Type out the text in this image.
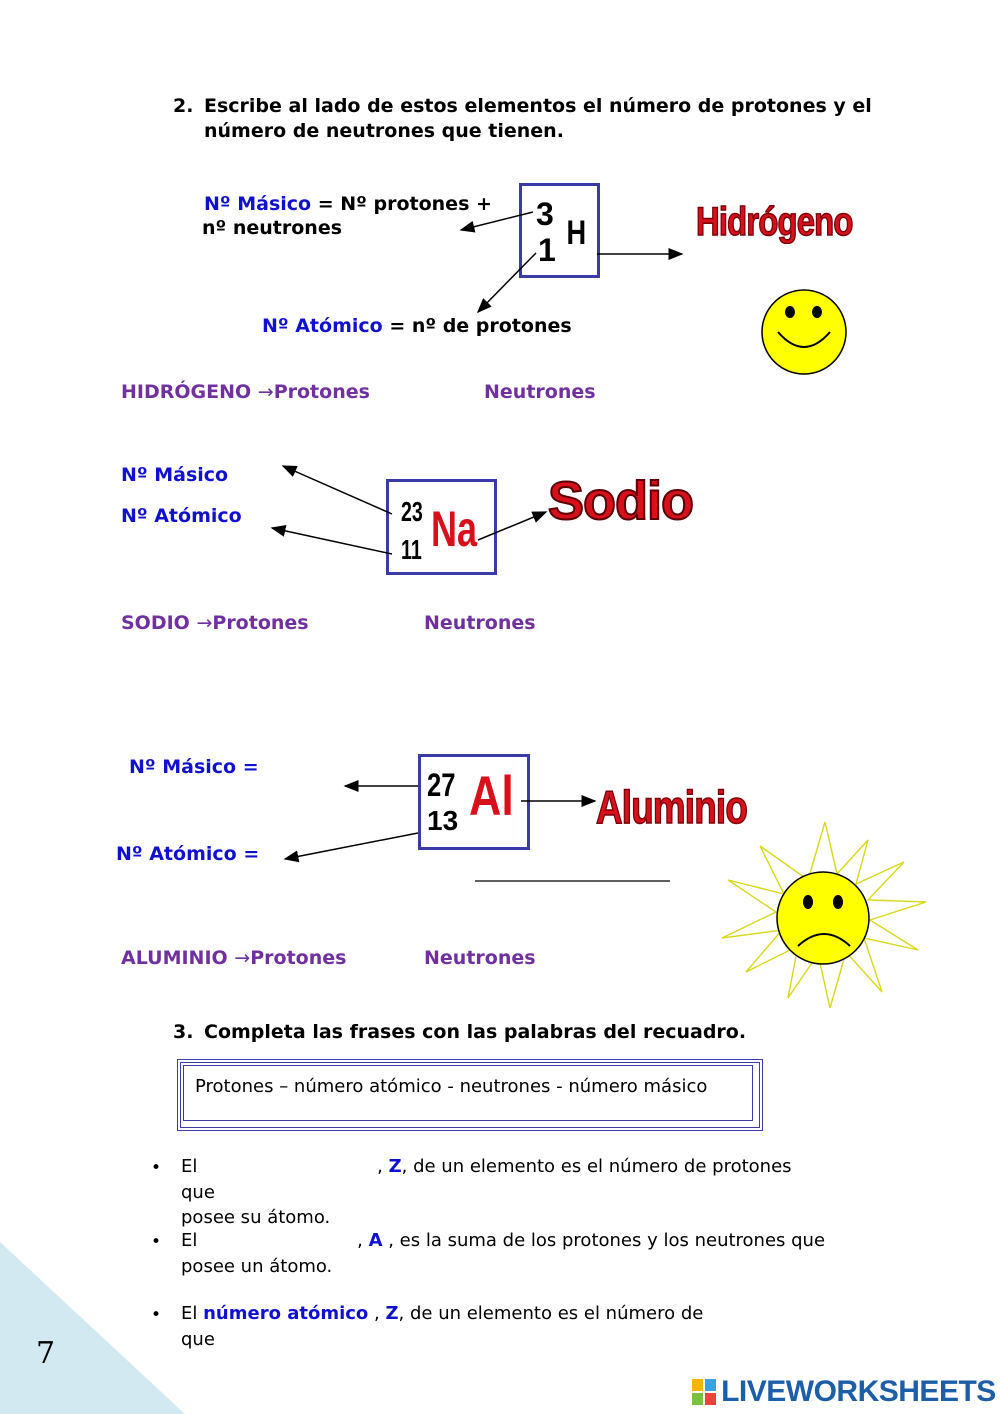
2. Escribe al lado de estos elementos el número de protones y el
número de neutrones que tienen.
Nº Másico = Nº protones +
nº neutrones
Nº Atómico = nº de protones
3
1 H	Hidrógeno
23
11 Na Sodio
27
13 Al Aluminio
HIDRÓGENO →Protones	Neutrones
Nº Másico
Nº Atómico
SODIO →Protones	Neutrones
Nº Másico =
Nº Atómico =
ALUMINIO →Protones	Neutrones
3. Completa las frases con las palabras del recuadro.
Protones – número atómico - neutrones - número másico
• El	, Z, de un elemento es el número de protones que
posee su átomo.
• El	, A , es la suma de los protones y los neutrones que
posee un átomo.
• El número atómico , Z, de un elemento es el número de que
7
LIVEWORKSHEETS
